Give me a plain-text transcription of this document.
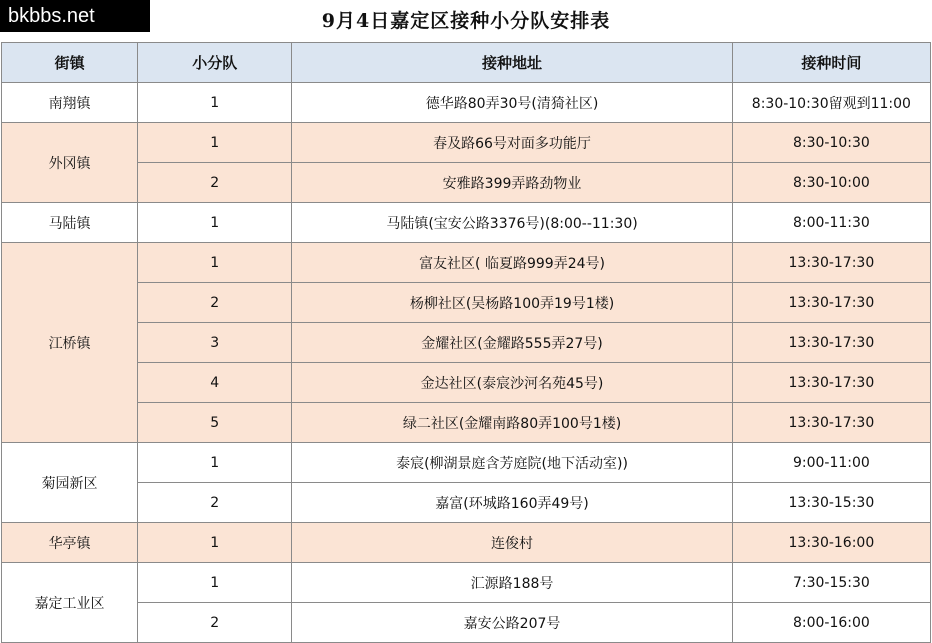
bkbbs.net	9月4日嘉定区接种小分队安排表
街镇	小分队	接种地址	接种时间
南翔镇	1	德华路80弄30号(清猗社区)	8:30-10:30留观到11:00
外冈镇	1	春及路66号对面多功能厅	8:30-10:30
	2	安雅路399弄路劲物业	8:30-10:00
马陆镇	1	马陆镇(宝安公路3376号)(8:00--11:30)	8:00-11:30
江桥镇	1	富友社区( 临夏路999弄24号)	13:30-17:30
	2	杨柳社区(吴杨路100弄19号1楼)	13:30-17:30
	3	金耀社区(金耀路555弄27号)	13:30-17:30
	4	金达社区(泰宸沙河名苑45号)	13:30-17:30
	5	绿二社区(金耀南路80弄100号1楼)	13:30-17:30
菊园新区	1	泰宸(柳湖景庭含芳庭院(地下活动室))	9:00-11:00
	2	嘉富(环城路160弄49号)	13:30-15:30
华亭镇	1	连俊村	13:30-16:00
嘉定工业区	1	汇源路188号	7:30-15:30
	2	嘉安公路207号	8:00-16:00
